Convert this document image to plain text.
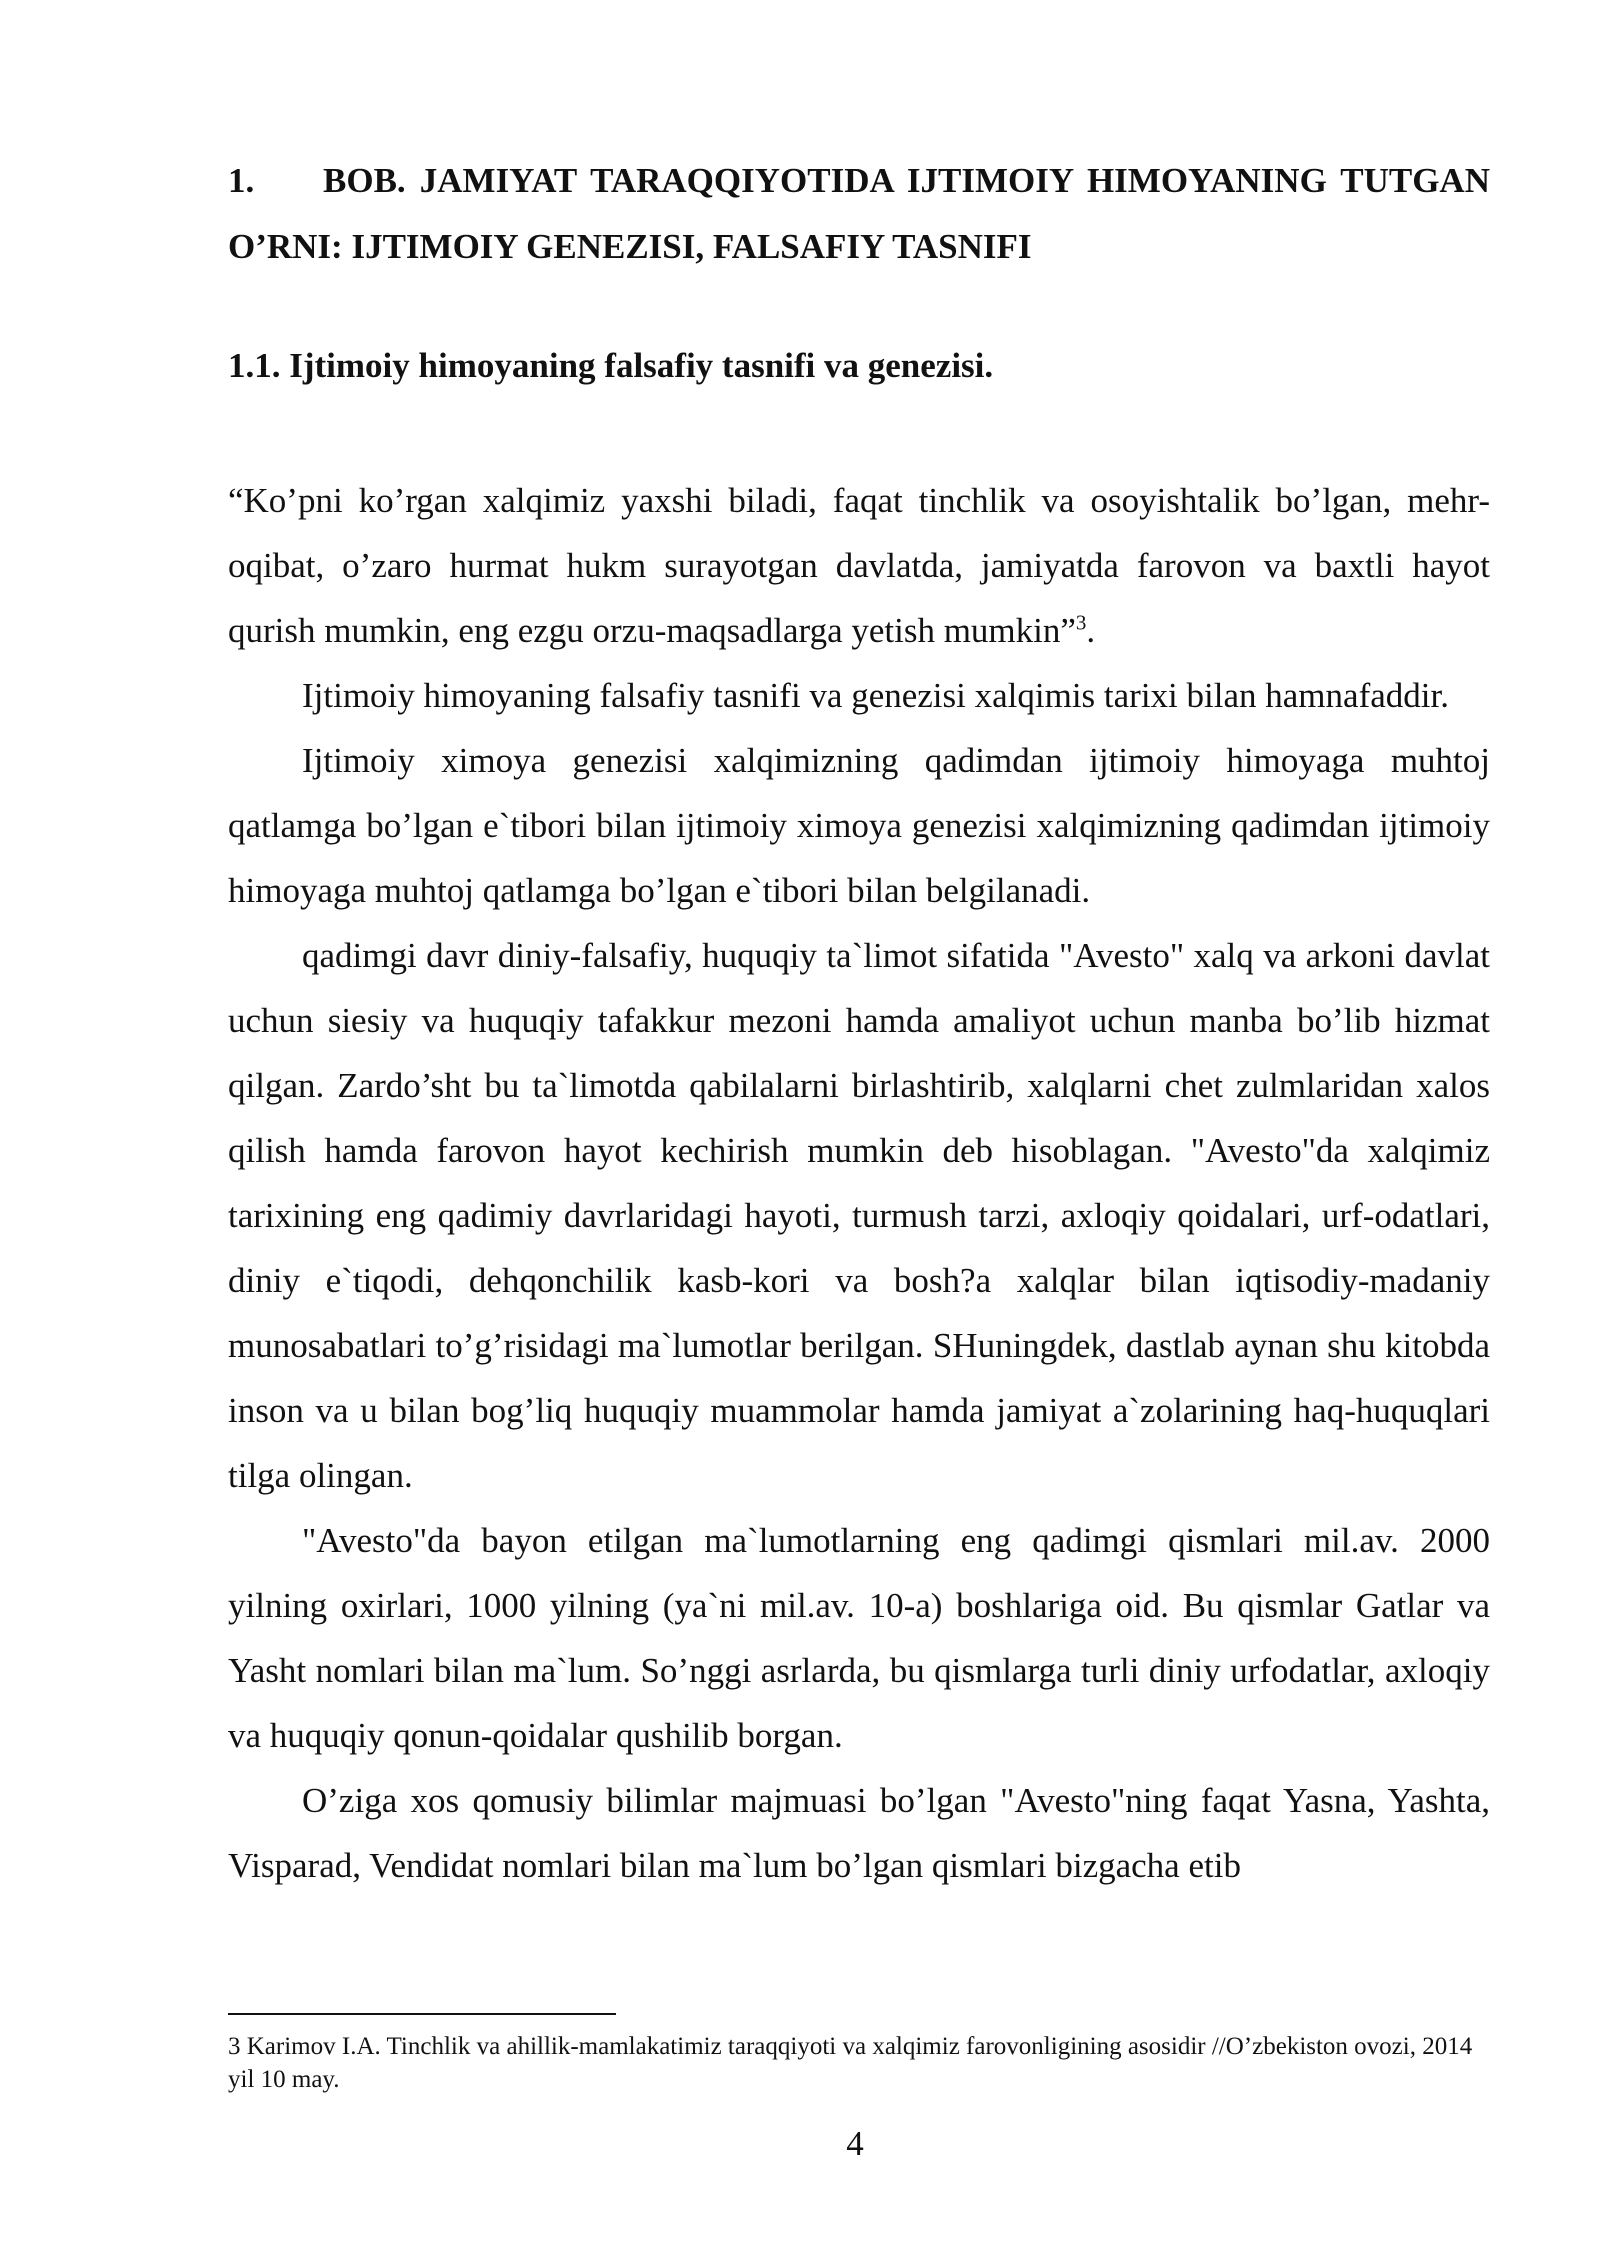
1. BOB. JAMIYAT TARAQQIYOTIDA IJTIMOIY HIMOYANING TUTGAN O’RNI: IJTIMOIY GENEZISI, FALSAFIY TASNIFI
1.1. Ijtimoiy himoyaning falsafiy tasnifi va genezisi.

“Ko’pni ko’rgan xalqimiz yaxshi biladi, faqat tinchlik va osoyishtalik bo’lgan, mehr-oqibat, o’zaro hurmat hukm surayotgan davlatda, jamiyatda farovon va baxtli hayot qurish mumkin, eng ezgu orzu-maqsadlarga yetish mumkin”$^3$.

Ijtimoiy himoyaning falsafiy tasnifi va genezisi xalqimis tarixi bilan hamnafaddir.

Ijtimoiy ximoya genezisi xalqimizning qadimdan ijtimoiy himoyaga muhtoj qatlamga bo’lgan e`tibori bilan ijtimoiy ximoya genezisi xalqimizning qadimdan ijtimoiy himoyaga muhtoj qatlamga bo’lgan e`tibori bilan belgilanadi.

qadimgi davr diniy-falsafiy, huquqiy ta`limot sifatida "Avesto" xalq va arkoni davlat uchun siesiy va huquqiy tafakkur mezoni hamda amaliyot uchun manba bo’lib hizmat qilgan. Zardo’sht bu ta`limotda qabilalarni birlashtirib, xalqlarni chet zulmlaridan xalos qilish hamda farovon hayot kechirish mumkin deb hisoblagan. "Avesto"da xalqimiz tarixining eng qadimiy davrlaridagi hayoti, turmush tarzi, axloqiy qoidalari, urf-odatlari, diniy e`tiqodi, dehqonchilik kasb-kori va bosh?a xalqlar bilan iqtisodiy-madaniy munosabatlari to’g’risidagi ma`lumotlar berilgan. SHuningdek, dastlab aynan shu kitobda inson va u bilan bog’liq huquqiy muammolar hamda jamiyat a`zolarining haq-huquqlari tilga olingan.

"Avesto"da bayon etilgan ma`lumotlarning eng qadimgi qismlari mil.av. 2000 yilning oxirlari, 1000 yilning (ya`ni mil.av. 10-a) boshlariga oid. Bu qismlar Gatlar va Yasht nomlari bilan ma`lum. So’nggi asrlarda, bu qismlarga turli diniy urfodatlar, axloqiy va huquqiy qonun-qoidalar qushilib borgan.

O’ziga xos qomusiy bilimlar majmuasi bo’lgan "Avesto"ning faqat Yasna, Yashta, Visparad, Vendidat nomlari bilan ma`lum bo’lgan qismlari bizgacha etib

3 Karimov I.A. Tinchlik va ahillik-mamlakatimiz taraqqiyoti va xalqimiz farovonligining asosidir //O’zbekiston ovozi, 2014 yil 10 may.
4
